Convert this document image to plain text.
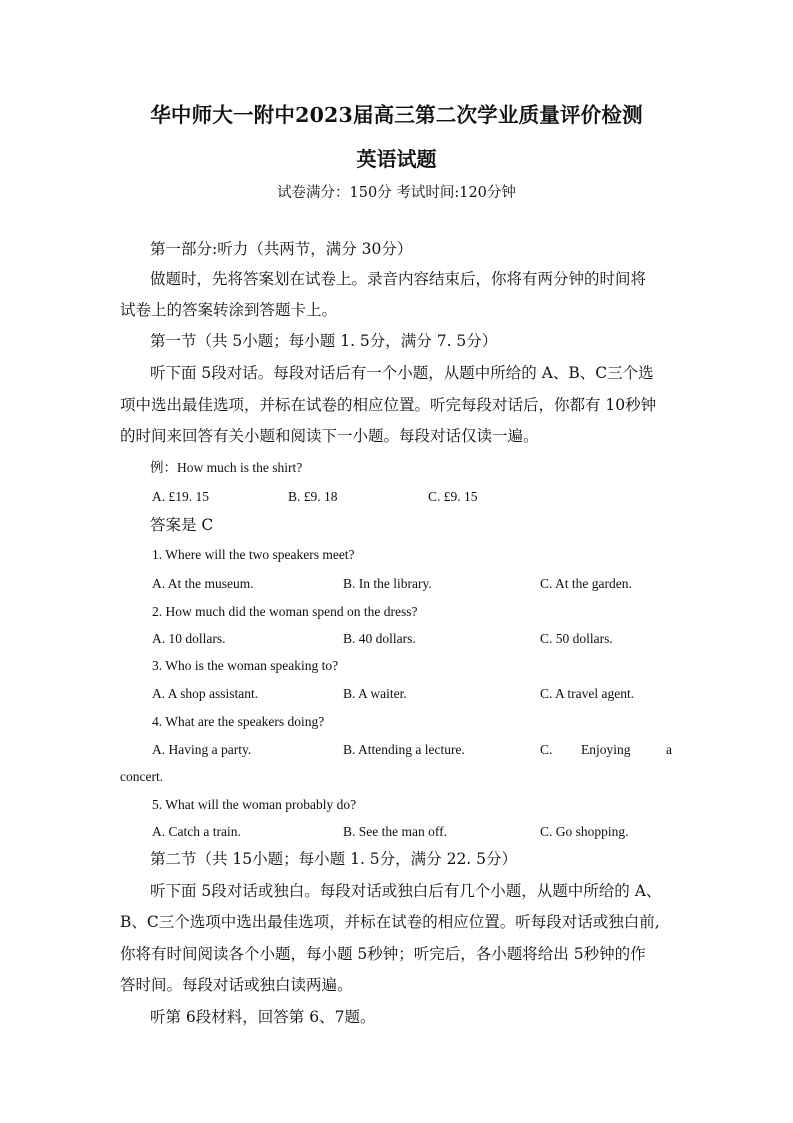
华中师大一附中2023届高三第二次学业质量评价检测
英语试题
试卷满分：150分 考试时间:120分钟
第一部分:听力（共两节，满分 30分）
做题时，先将答案划在试卷上。录音内容结束后，你将有两分钟的时间将
试卷上的答案转涂到答题卡上。
第一节（共 5小题；每小题 1. 5分，满分 7. 5分）
听下面 5段对话。每段对话后有一个小题，从题中所给的 A、B、C三个选
项中选出最佳选项，并标在试卷的相应位置。听完每段对话后，你都有 10秒钟
的时间来回答有关小题和阅读下一小题。每段对话仅读一遍。
例：How much is the shirt?
A. £19. 15	B. £9. 18	C. £9. 15
答案是 C
1. Where will the two speakers meet?
A. At the museum.	B. In the library.	C. At the garden.
2. How much did the woman spend on the dress?
A. 10 dollars.	B. 40 dollars.	C. 50 dollars.
3. Who is the woman speaking to?
A. A shop assistant.	B. A waiter.	C. A travel agent.
4. What are the speakers doing?
A. Having a party.	B. Attending a lecture.	C. Enjoying	a
concert.
5. What will the woman probably do?
A. Catch a train.	B. See the man off.	C. Go shopping.
第二节（共 15小题；每小题 1. 5分，满分 22. 5分）
听下面 5段对话或独白。每段对话或独白后有几个小题，从题中所给的 A、
B、C三个选项中选出最佳选项，并标在试卷的相应位置。听每段对话或独白前,
你将有时间阅读各个小题，每小题 5秒钟；听完后，各小题将给出 5秒钟的作
答时间。每段对话或独白读两遍。
听第 6段材料，回答第 6、7题。
